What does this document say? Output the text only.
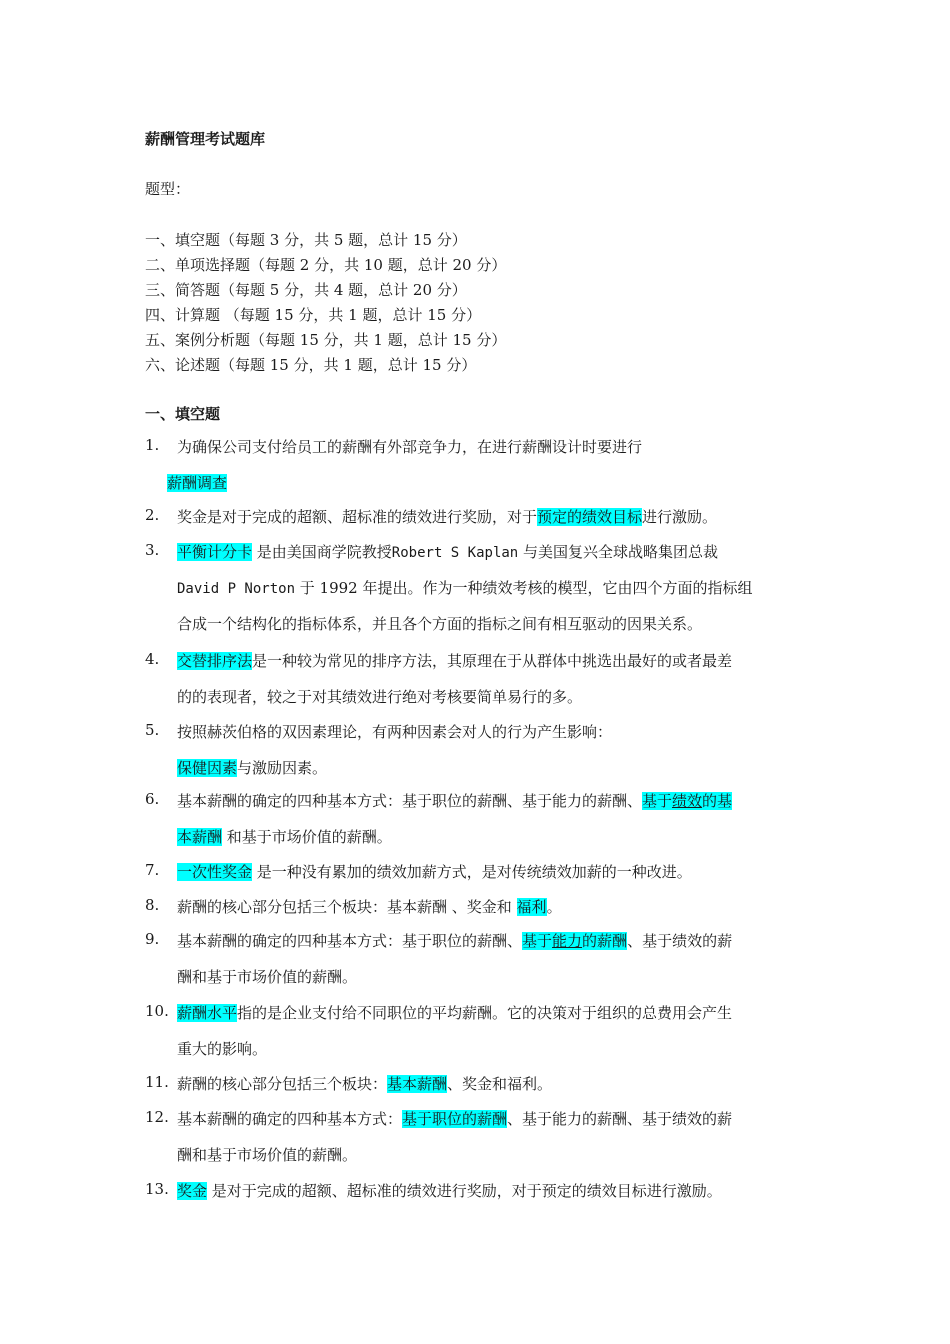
薪酬管理考试题库
题型：
一、填空题（每题 3 分，共 5 题，总计 15 分）
二、单项选择题（每题 2 分，共 10 题，总计 20 分）
三、简答题（每题 5 分，共 4 题，总计 20 分）
四、计算题 （每题 15 分，共 1 题，总计 15 分）
五、案例分析题（每题 15 分，共 1 题，总计 15 分）
六、论述题（每题 15 分，共 1 题，总计 15 分）
一、填空题
1. 为确保公司支付给员工的薪酬有外部竞争力，在进行薪酬设计时要进行
薪酬调查
2. 奖金是对于完成的超额、超标准的绩效进行奖励，对于预定的绩效目标进行激励。
3. 平衡计分卡 是由美国商学院教授Robert S Kaplan 与美国复兴全球战略集团总裁
David P Norton 于 1992 年提出。作为一种绩效考核的模型，它由四个方面的指标组
合成一个结构化的指标体系，并且各个方面的指标之间有相互驱动的因果关系。
4. 交替排序法是一种较为常见的排序方法，其原理在于从群体中挑选出最好的或者最差
的的表现者，较之于对其绩效进行绝对考核要简单易行的多。
5. 按照赫茨伯格的双因素理论，有两种因素会对人的行为产生影响：
保健因素与激励因素。
6. 基本薪酬的确定的四种基本方式：基于职位的薪酬、基于能力的薪酬、基于绩效的基
本薪酬 和基于市场价值的薪酬。
7. 一次性奖金 是一种没有累加的绩效加薪方式，是对传统绩效加薪的一种改进。
8. 薪酬的核心部分包括三个板块：基本薪酬 、奖金和 福利。
9. 基本薪酬的确定的四种基本方式：基于职位的薪酬、基于能力的薪酬、基于绩效的薪
酬和基于市场价值的薪酬。
10. 薪酬水平指的是企业支付给不同职位的平均薪酬。它的决策对于组织的总费用会产生
重大的影响。
11. 薪酬的核心部分包括三个板块：基本薪酬、奖金和福利。
12. 基本薪酬的确定的四种基本方式：基于职位的薪酬、基于能力的薪酬、基于绩效的薪
酬和基于市场价值的薪酬。
13. 奖金 是对于完成的超额、超标准的绩效进行奖励，对于预定的绩效目标进行激励。
